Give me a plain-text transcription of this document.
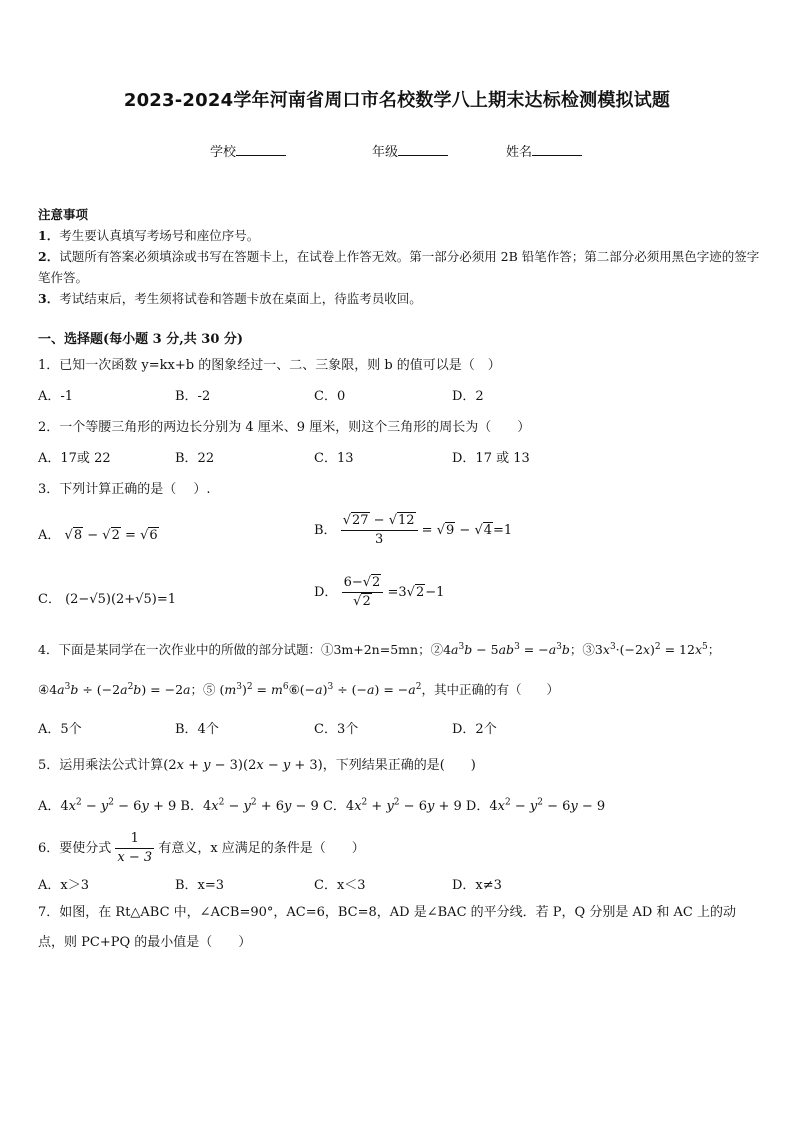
2023-2024学年河南省周口市名校数学八上期末达标检测模拟试题
学校	年级	姓名
注意事项
1．考生要认真填写考场号和座位序号。
2．试题所有答案必须填涂或书写在答题卡上，在试卷上作答无效。第一部分必须用 2B 铅笔作答；第二部分必须用黑色字迹的签字笔作答。
3．考试结束后，考生须将试卷和答题卡放在桌面上，待监考员收回。
一、选择题(每小题 3 分,共 30 分)
1．已知一次函数 y=kx+b 的图象经过一、二、三象限，则 b 的值可以是（　）
A．-1	B．-2	C．0	D．2
2．一个等腰三角形的两边长分别为 4 厘米、9 厘米，则这个三角形的周长为（　　）
A．17或 22	B．22	C．13	D．17 或 13
3．下列计算正确的是（　 ）.
A． √8 − √2 = √6	B． $\frac{√27 - √12}{3} = √9 - √4=1$
C． (2−√5)(2+√5)=1	D． $\frac{6-√2}{√2} =3√2-1$
4．下面是某同学在一次作业中的所做的部分试题：①3m+2n=5mn；$②4a^3b - 5ab^3 = -a^3b$；$③3x^3\cdot(-2x)^2 = 12x^5$；
$④4a^3b \div (-2a^2b) = -2a$；⑤ $(m^3)^2$ = $m^6⑥(-a)^3 \div (-a) = -a^2$，其中正确的有（　　）
A．5个	B．4个	C．3个	D．2个
5．运用乘法公式计算(2x + y − 3)(2x − y + 3)，下列结果正确的是(　　)
A．$4x^2 - y^2 - 6y + 9$ B．$4x^2 - y^2 + 6y - 9$ C．$4x^2 + y^2 - 6y + 9$ D．$4x^2 - y^2 - 6y - 9$
6．要使分式 $\frac{1}{x - 3}$ 有意义，x 应满足的条件是（　　）
A．x＞3	B．x=3	C．x＜3	D．x≠3
7．如图，在 Rt△ABC 中，∠ACB=90°，AC=6，BC=8，AD 是∠BAC 的平分线．若 P，Q 分别是 AD 和 AC 上的动点，则 PC+PQ 的最小值是（　　）
